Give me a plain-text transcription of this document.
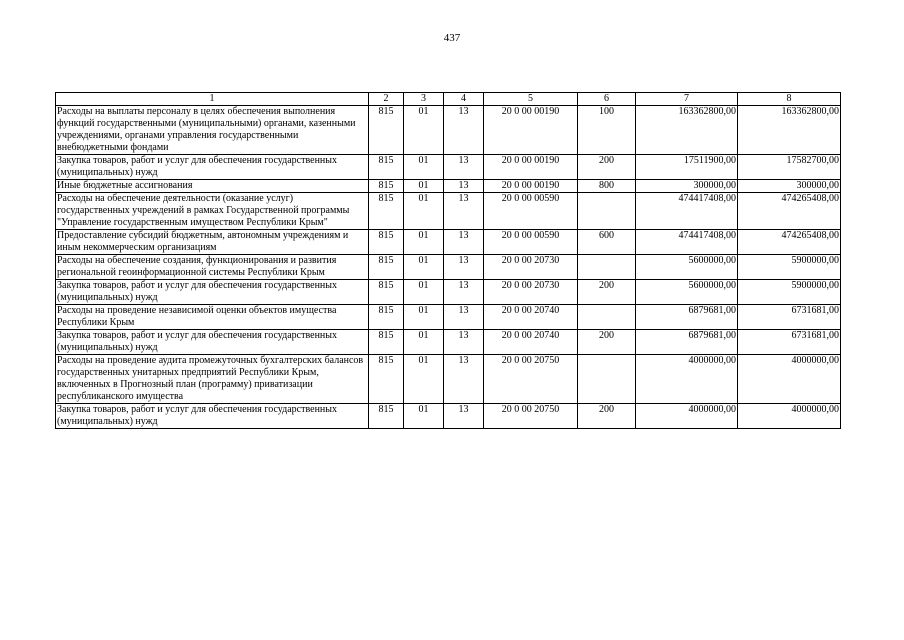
437
1	2	3	4	5	6	7	8
Расходы на выплаты персоналу в целях обеспечения выполнения функций государственными (муниципальными) органами, казенными учреждениями, органами управления государственными внебюджетными фондами	815	01	13	20 0 00 00190	100	163362800,00	163362800,00
Закупка товаров, работ и услуг для обеспечения государственных (муниципальных) нужд	815	01	13	20 0 00 00190	200	17511900,00	17582700,00
Иные бюджетные ассигнования	815	01	13	20 0 00 00190	800	300000,00	300000,00
Расходы на обеспечение деятельности (оказание услуг) государственных учреждений в рамках Государственной программы "Управление государственным имуществом Республики Крым"	815	01	13	20 0 00 00590		474417408,00	474265408,00
Предоставление субсидий бюджетным, автономным учреждениям и иным некоммерческим организациям	815	01	13	20 0 00 00590	600	474417408,00	474265408,00
Расходы на обеспечение создания, функционирования и развития региональной геоинформационной системы Республики Крым	815	01	13	20 0 00 20730		5600000,00	5900000,00
Закупка товаров, работ и услуг для обеспечения государственных (муниципальных) нужд	815	01	13	20 0 00 20730	200	5600000,00	5900000,00
Расходы на проведение независимой оценки объектов имущества Республики Крым	815	01	13	20 0 00 20740		6879681,00	6731681,00
Закупка товаров, работ и услуг для обеспечения государственных (муниципальных) нужд	815	01	13	20 0 00 20740	200	6879681,00	6731681,00
Расходы на проведение аудита промежуточных бухгалтерских балансов государственных унитарных предприятий Республики Крым, включенных в Прогнозный план (программу) приватизации республиканского имущества	815	01	13	20 0 00 20750		4000000,00	4000000,00
Закупка товаров, работ и услуг для обеспечения государственных (муниципальных) нужд	815	01	13	20 0 00 20750	200	4000000,00	4000000,00
